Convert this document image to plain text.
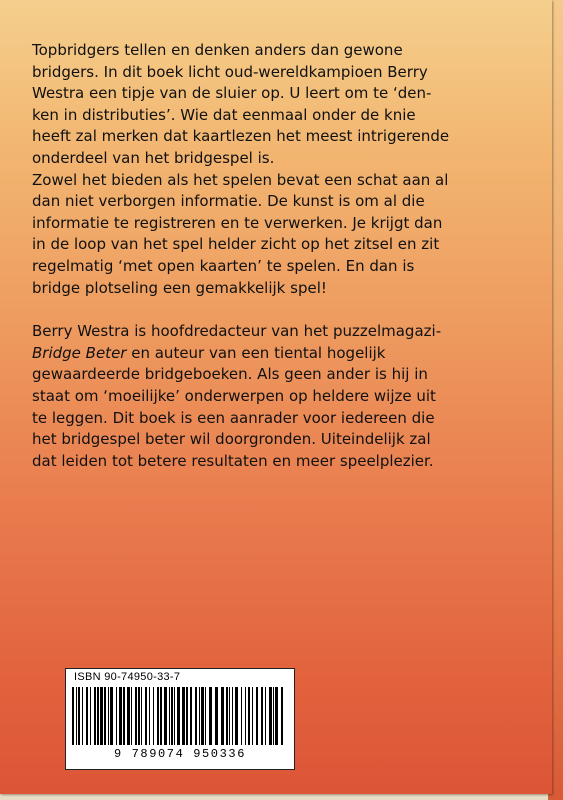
Topbridgers tellen en denken anders dan gewone
bridgers. In dit boek licht oud-wereldkampioen Berry
Westra een tipje van de sluier op. U leert om te ‘den-
ken in distributies’. Wie dat eenmaal onder de knie
heeft zal merken dat kaartlezen het meest intrigerende
onderdeel van het bridgespel is.
Zowel het bieden als het spelen bevat een schat aan al
dan niet verborgen informatie. De kunst is om al die
informatie te registreren en te verwerken. Je krijgt dan
in de loop van het spel helder zicht op het zitsel en zit
regelmatig ‘met open kaarten’ te spelen. En dan is
bridge plotseling een gemakkelijk spel!

Berry Westra is hoofdredacteur van het puzzelmagazi-
Bridge Beter en auteur van een tiental hogelijk
gewaardeerde bridgeboeken. Als geen ander is hij in
staat om ‘moeilijke’ onderwerpen op heldere wijze uit
te leggen. Dit boek is een aanrader voor iedereen die
het bridgespel beter wil doorgronden. Uiteindelijk zal
dat leiden tot betere resultaten en meer speelplezier.

ISBN 90-74950-33-7
9 789074 950336
